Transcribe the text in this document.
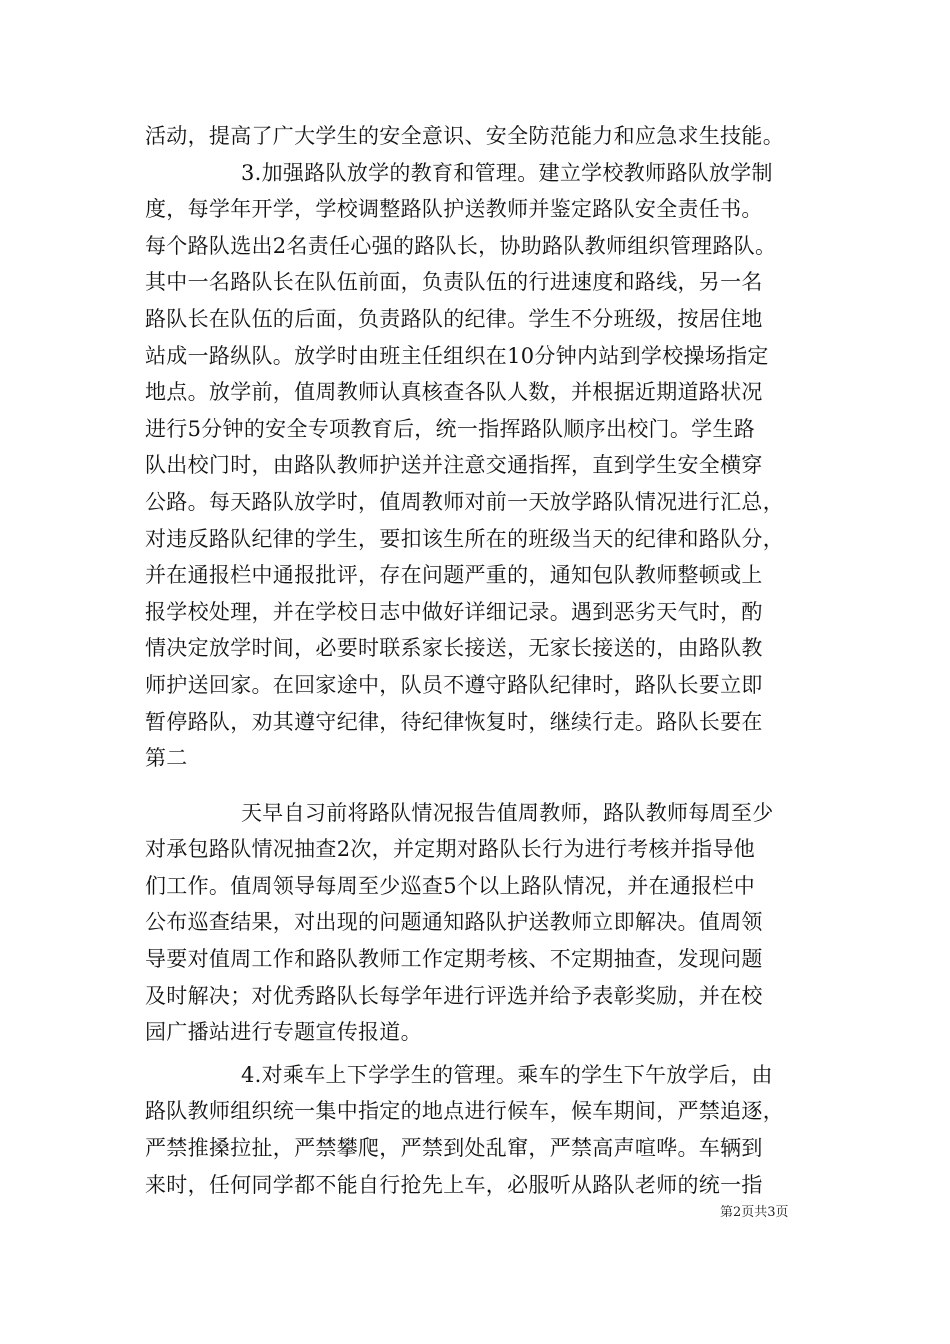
活动，提高了广大学生的安全意识、安全防范能力和应急求生技能。
3.加强路队放学的教育和管理。建立学校教师路队放学制
度，每学年开学，学校调整路队护送教师并鉴定路队安全责任书。
每个路队选出2名责任心强的路队长，协助路队教师组织管理路队。
其中一名路队长在队伍前面，负责队伍的行进速度和路线，另一名
路队长在队伍的后面，负责路队的纪律。学生不分班级，按居住地
站成一路纵队。放学时由班主任组织在10分钟内站到学校操场指定
地点。放学前，值周教师认真核查各队人数，并根据近期道路状况
进行5分钟的安全专项教育后，统一指挥路队顺序出校门。学生路
队出校门时，由路队教师护送并注意交通指挥，直到学生安全横穿
公路。每天路队放学时，值周教师对前一天放学路队情况进行汇总，
对违反路队纪律的学生，要扣该生所在的班级当天的纪律和路队分，
并在通报栏中通报批评，存在问题严重的，通知包队教师整顿或上
报学校处理，并在学校日志中做好详细记录。遇到恶劣天气时，酌
情决定放学时间，必要时联系家长接送，无家长接送的，由路队教
师护送回家。在回家途中，队员不遵守路队纪律时，路队长要立即
暂停路队，劝其遵守纪律，待纪律恢复时，继续行走。路队长要在
第二
天早自习前将路队情况报告值周教师，路队教师每周至少
对承包路队情况抽查2次，并定期对路队长行为进行考核并指导他
们工作。值周领导每周至少巡查5个以上路队情况，并在通报栏中
公布巡查结果，对出现的问题通知路队护送教师立即解决。值周领
导要对值周工作和路队教师工作定期考核、不定期抽查，发现问题
及时解决；对优秀路队长每学年进行评选并给予表彰奖励，并在校
园广播站进行专题宣传报道。
4.对乘车上下学学生的管理。乘车的学生下午放学后，由
路队教师组织统一集中指定的地点进行候车，候车期间，严禁追逐，
严禁推搡拉扯，严禁攀爬，严禁到处乱窜，严禁高声喧哗。车辆到
来时，任何同学都不能自行抢先上车，必服听从路队老师的统一指
第2页共3页
